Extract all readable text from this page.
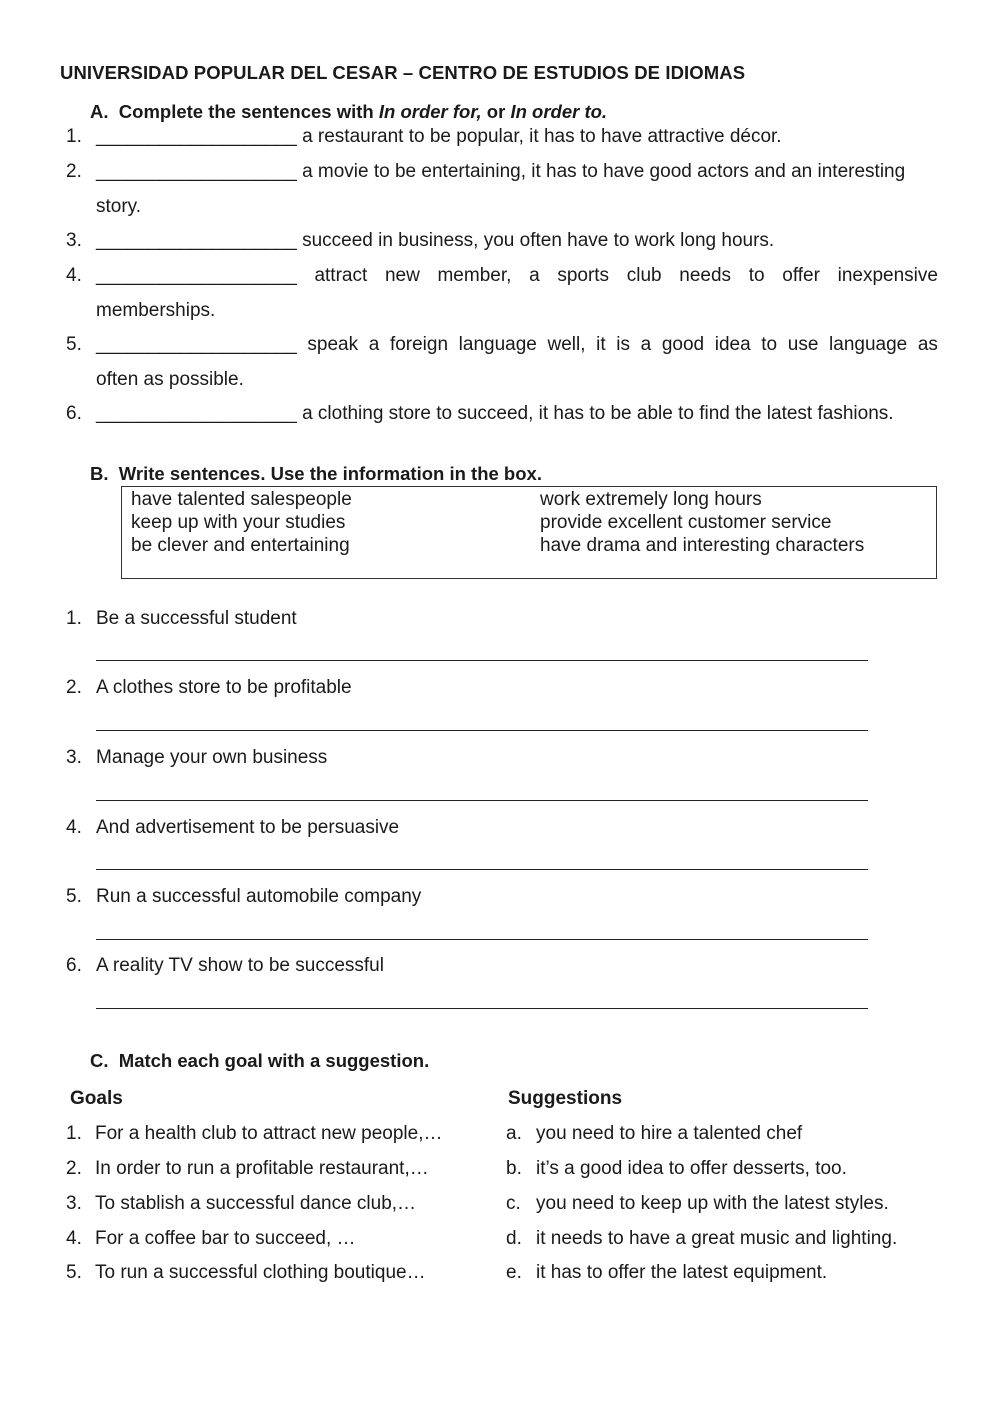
UNIVERSIDAD POPULAR DEL CESAR – CENTRO DE ESTUDIOS DE IDIOMAS
A. Complete the sentences with In order for, or In order to.
1. ___________________ a restaurant to be popular, it has to have attractive décor.
2. ___________________ a movie to be entertaining, it has to have good actors and an interesting
story.
3. ___________________ succeed in business, you often have to work long hours.
4. ___________________ attract new member, a sports club needs to offer inexpensive
memberships.
5. ___________________ speak a foreign language well, it is a good idea to use language as
often as possible.
6. ___________________ a clothing store to succeed, it has to be able to find the latest fashions.
B. Write sentences. Use the information in the box.
have talented salespeople
keep up with your studies
be clever and entertaining
work extremely long hours
provide excellent customer service
have drama and interesting characters
1. Be a successful student
2. A clothes store to be profitable
3. Manage your own business
4. And advertisement to be persuasive
5. Run a successful automobile company
6. A reality TV show to be successful
C. Match each goal with a suggestion.
Goals	Suggestions
1. For a health club to attract new people,…
2. In order to run a profitable restaurant,…
3. To stablish a successful dance club,…
4. For a coffee bar to succeed, …
5. To run a successful clothing boutique…
a. you need to hire a talented chef
b. it’s a good idea to offer desserts, too.
c. you need to keep up with the latest styles.
d. it needs to have a great music and lighting.
e. it has to offer the latest equipment.
